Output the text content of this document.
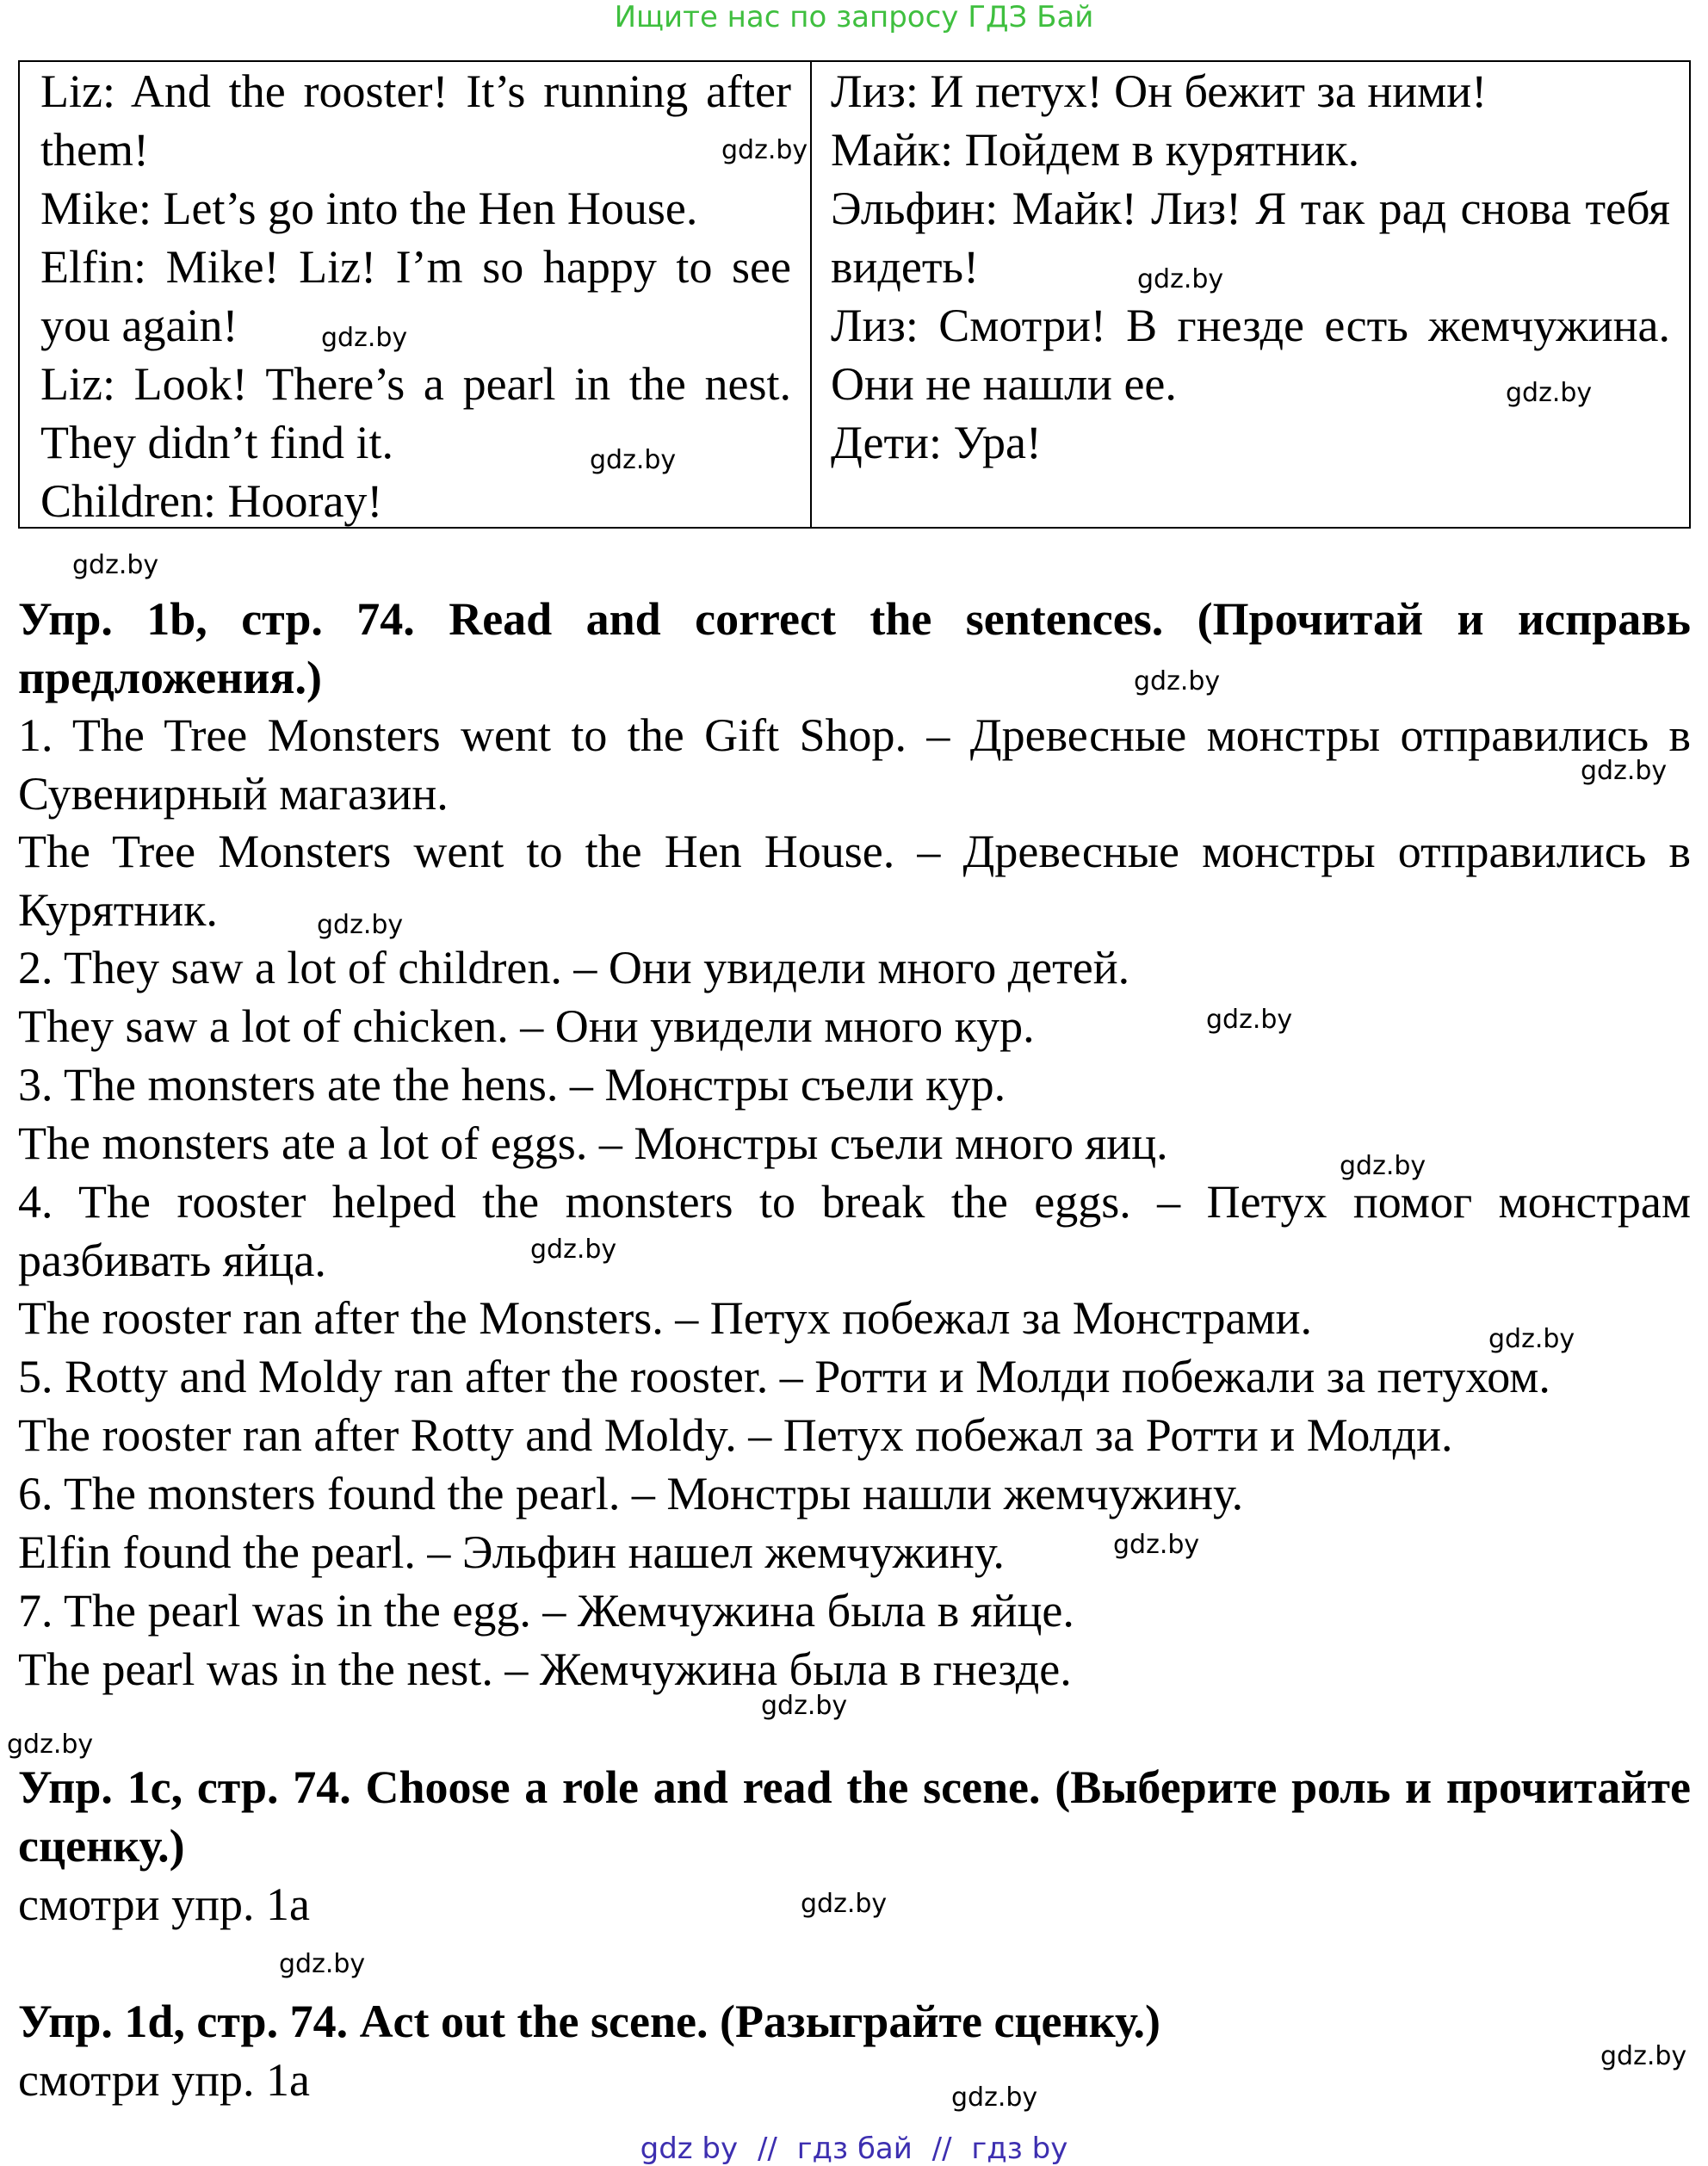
Ищите нас по запросу ГДЗ Бай

Liz: And the rooster! It’s running after them!

Mike: Let’s go into the Hen House.

Elfin: Mike! Liz! I’m so happy to see you again!

Liz: Look! There’s a pearl in the nest. They didn’t find it.

Children: Hooray!

Лиз: И петух! Он бежит за ними!

Майк: Пойдем в курятник.

Эльфин: Майк! Лиз! Я так рад снова тебя видеть!

Лиз: Смотри! В гнезде есть жемчужина. Они не нашли ее.

Дети: Ура!

Упр. 1b, стр. 74. Read and correct the sentences. (Прочитай и исправь предложения.)
1. The Tree Monsters went to the Gift Shop. – Древесные монстры отправились в Сувенирный магазин.
The Tree Monsters went to the Hen House. – Древесные монстры отправились в Курятник.
2. They saw a lot of children. – Они увидели много детей.
They saw a lot of chicken. – Они увидели много кур.
3. The monsters ate the hens. – Монстры съели кур.
The monsters ate a lot of eggs. – Монстры съели много яиц.
4. The rooster helped the monsters to break the eggs. – Петух помог монстрам разбивать яйца.
The rooster ran after the Monsters. – Петух побежал за Монстрами.
5. Rotty and Moldy ran after the rooster. – Ротти и Молди побежали за петухом.
The rooster ran after Rotty and Moldy. – Петух побежал за Ротти и Молди.
6. The monsters found the pearl. – Монстры нашли жемчужину.
Elfin found the pearl. – Эльфин нашел жемчужину.
7. The pearl was in the egg. – Жемчужина была в яйце.
The pearl was in the nest. – Жемчужина была в гнезде.
Упр. 1c, стр. 74. Choose a role and read the scene. (Выберите роль и прочитайте сценку.)
смотри упр. 1a
Упр. 1d, стр. 74. Act out the scene. (Разыграйте сценку.)
смотри упр. 1a
gdz.by
gdz.by
gdz.by
gdz.by
gdz.by
gdz.by
gdz.by
gdz.by
gdz.by
gdz.by
gdz.by
gdz.by
gdz.by
gdz.by
gdz.by
gdz.by
gdz.by
gdz.by
gdz.by
gdz.by
gdz by // гдз бай // гдз by
